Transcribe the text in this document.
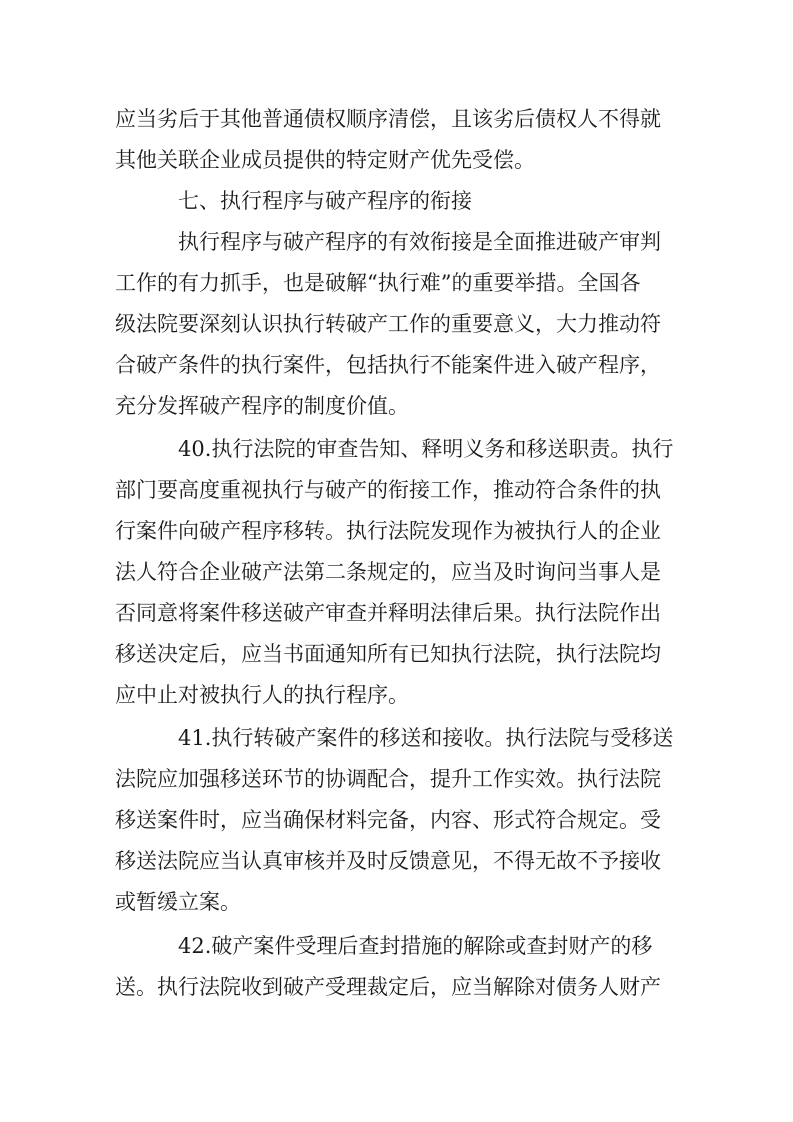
应当劣后于其他普通债权顺序清偿，且该劣后债权人不得就
其他关联企业成员提供的特定财产优先受偿。
七、执行程序与破产程序的衔接
执行程序与破产程序的有效衔接是全面推进破产审判
工作的有力抓手，也是破解“执行难”的重要举措。全国各
级法院要深刻认识执行转破产工作的重要意义，大力推动符
合破产条件的执行案件，包括执行不能案件进入破产程序，
充分发挥破产程序的制度价值。
40.执行法院的审查告知、释明义务和移送职责。执行
部门要高度重视执行与破产的衔接工作，推动符合条件的执
行案件向破产程序移转。执行法院发现作为被执行人的企业
法人符合企业破产法第二条规定的，应当及时询问当事人是
否同意将案件移送破产审查并释明法律后果。执行法院作出
移送决定后，应当书面通知所有已知执行法院，执行法院均
应中止对被执行人的执行程序。
41.执行转破产案件的移送和接收。执行法院与受移送
法院应加强移送环节的协调配合，提升工作实效。执行法院
移送案件时，应当确保材料完备，内容、形式符合规定。受
移送法院应当认真审核并及时反馈意见，不得无故不予接收
或暂缓立案。
42.破产案件受理后查封措施的解除或查封财产的移
送。执行法院收到破产受理裁定后，应当解除对债务人财产
